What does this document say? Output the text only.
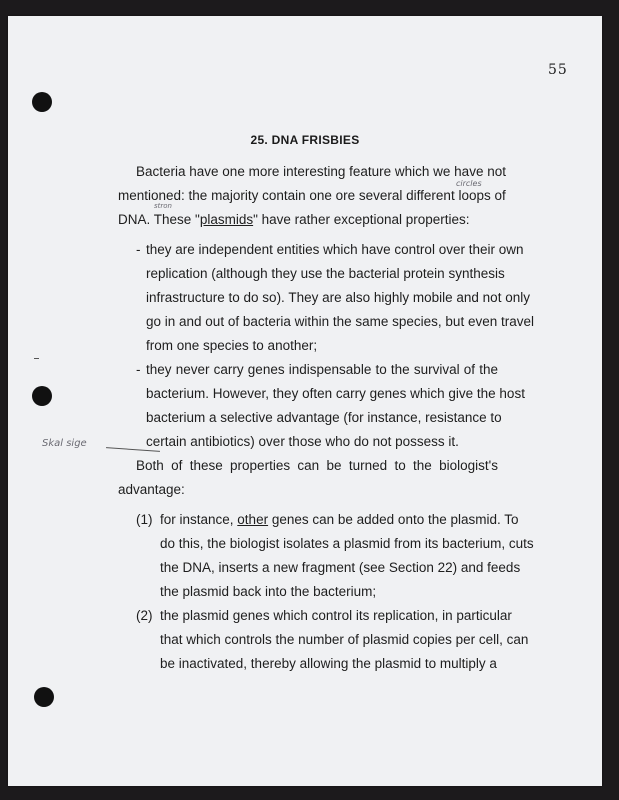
55
25. DNA FRISBIES
Bacteria have one more interesting feature which we have not
mentioned: the majority contain one ore several different loops of
DNA. These "plasmids" have rather exceptional properties:
circles
stron
- they are independent entities which have control over their own
replication (although they use the bacterial protein synthesis
infrastructure to do so). They are also highly mobile and not only
go in and out of bacteria within the same species, but even travel
from one species to another;
- they never carry genes indispensable to the survival of the
bacterium. However, they often carry genes which give the host
bacterium a selective advantage (for instance, resistance to
certain antibiotics) over those who do not possess it.
Skal sige
Both of these properties can be turned to the biologist's
advantage:
(1) for instance, other genes can be added onto the plasmid. To
do this, the biologist isolates a plasmid from its bacterium, cuts
the DNA, inserts a new fragment (see Section 22) and feeds
the plasmid back into the bacterium;
(2) the plasmid genes which control its replication, in particular
that which controls the number of plasmid copies per cell, can
be inactivated, thereby allowing the plasmid to multiply a
